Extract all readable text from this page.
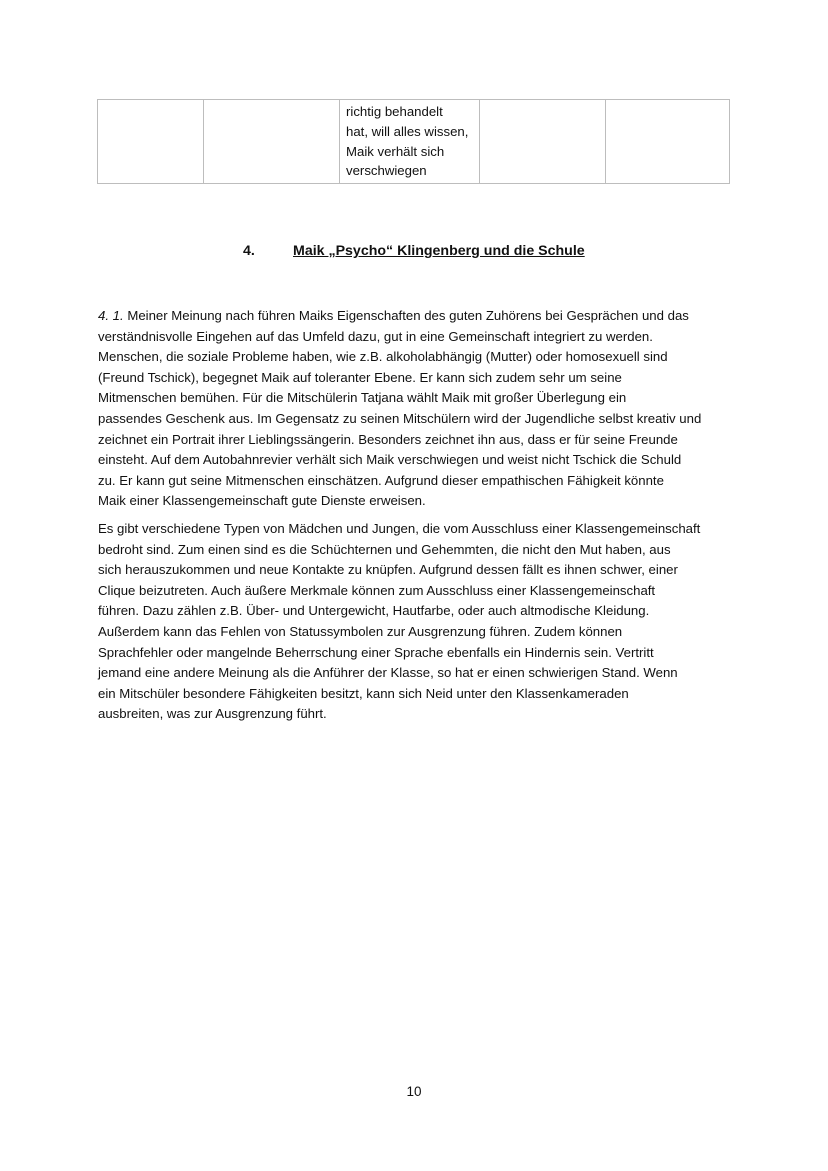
richtig behandelt
hat, will alles wissen,
Maik verhält sich
verschwiegen

4.	Maik „Psycho“ Klingenberg und die Schule

4. 1. Meiner Meinung nach führen Maiks Eigenschaften des guten Zuhörens bei Gesprächen und das
verständnisvolle Eingehen auf das Umfeld dazu, gut in eine Gemeinschaft integriert zu werden.
Menschen, die soziale Probleme haben, wie z.B. alkoholabhängig (Mutter) oder homosexuell sind
(Freund Tschick), begegnet Maik auf toleranter Ebene. Er kann sich zudem sehr um seine
Mitmenschen bemühen. Für die Mitschülerin Tatjana wählt Maik mit großer Überlegung ein
passendes Geschenk aus. Im Gegensatz zu seinen Mitschülern wird der Jugendliche selbst kreativ und
zeichnet ein Portrait ihrer Lieblingssängerin. Besonders zeichnet ihn aus, dass er für seine Freunde
einsteht. Auf dem Autobahnrevier verhält sich Maik verschwiegen und weist nicht Tschick die Schuld
zu. Er kann gut seine Mitmenschen einschätzen. Aufgrund dieser empathischen Fähigkeit könnte
Maik einer Klassengemeinschaft gute Dienste erweisen.

Es gibt verschiedene Typen von Mädchen und Jungen, die vom Ausschluss einer Klassengemeinschaft
bedroht sind. Zum einen sind es die Schüchternen und Gehemmten, die nicht den Mut haben, aus
sich herauszukommen und neue Kontakte zu knüpfen. Aufgrund dessen fällt es ihnen schwer, einer
Clique beizutreten. Auch äußere Merkmale können zum Ausschluss einer Klassengemeinschaft
führen. Dazu zählen z.B. Über- und Untergewicht, Hautfarbe, oder auch altmodische Kleidung.
Außerdem kann das Fehlen von Statussymbolen zur Ausgrenzung führen. Zudem können
Sprachfehler oder mangelnde Beherrschung einer Sprache ebenfalls ein Hindernis sein. Vertritt
jemand eine andere Meinung als die Anführer der Klasse, so hat er einen schwierigen Stand. Wenn
ein Mitschüler besondere Fähigkeiten besitzt, kann sich Neid unter den Klassenkameraden
ausbreiten, was zur Ausgrenzung führt.

10
